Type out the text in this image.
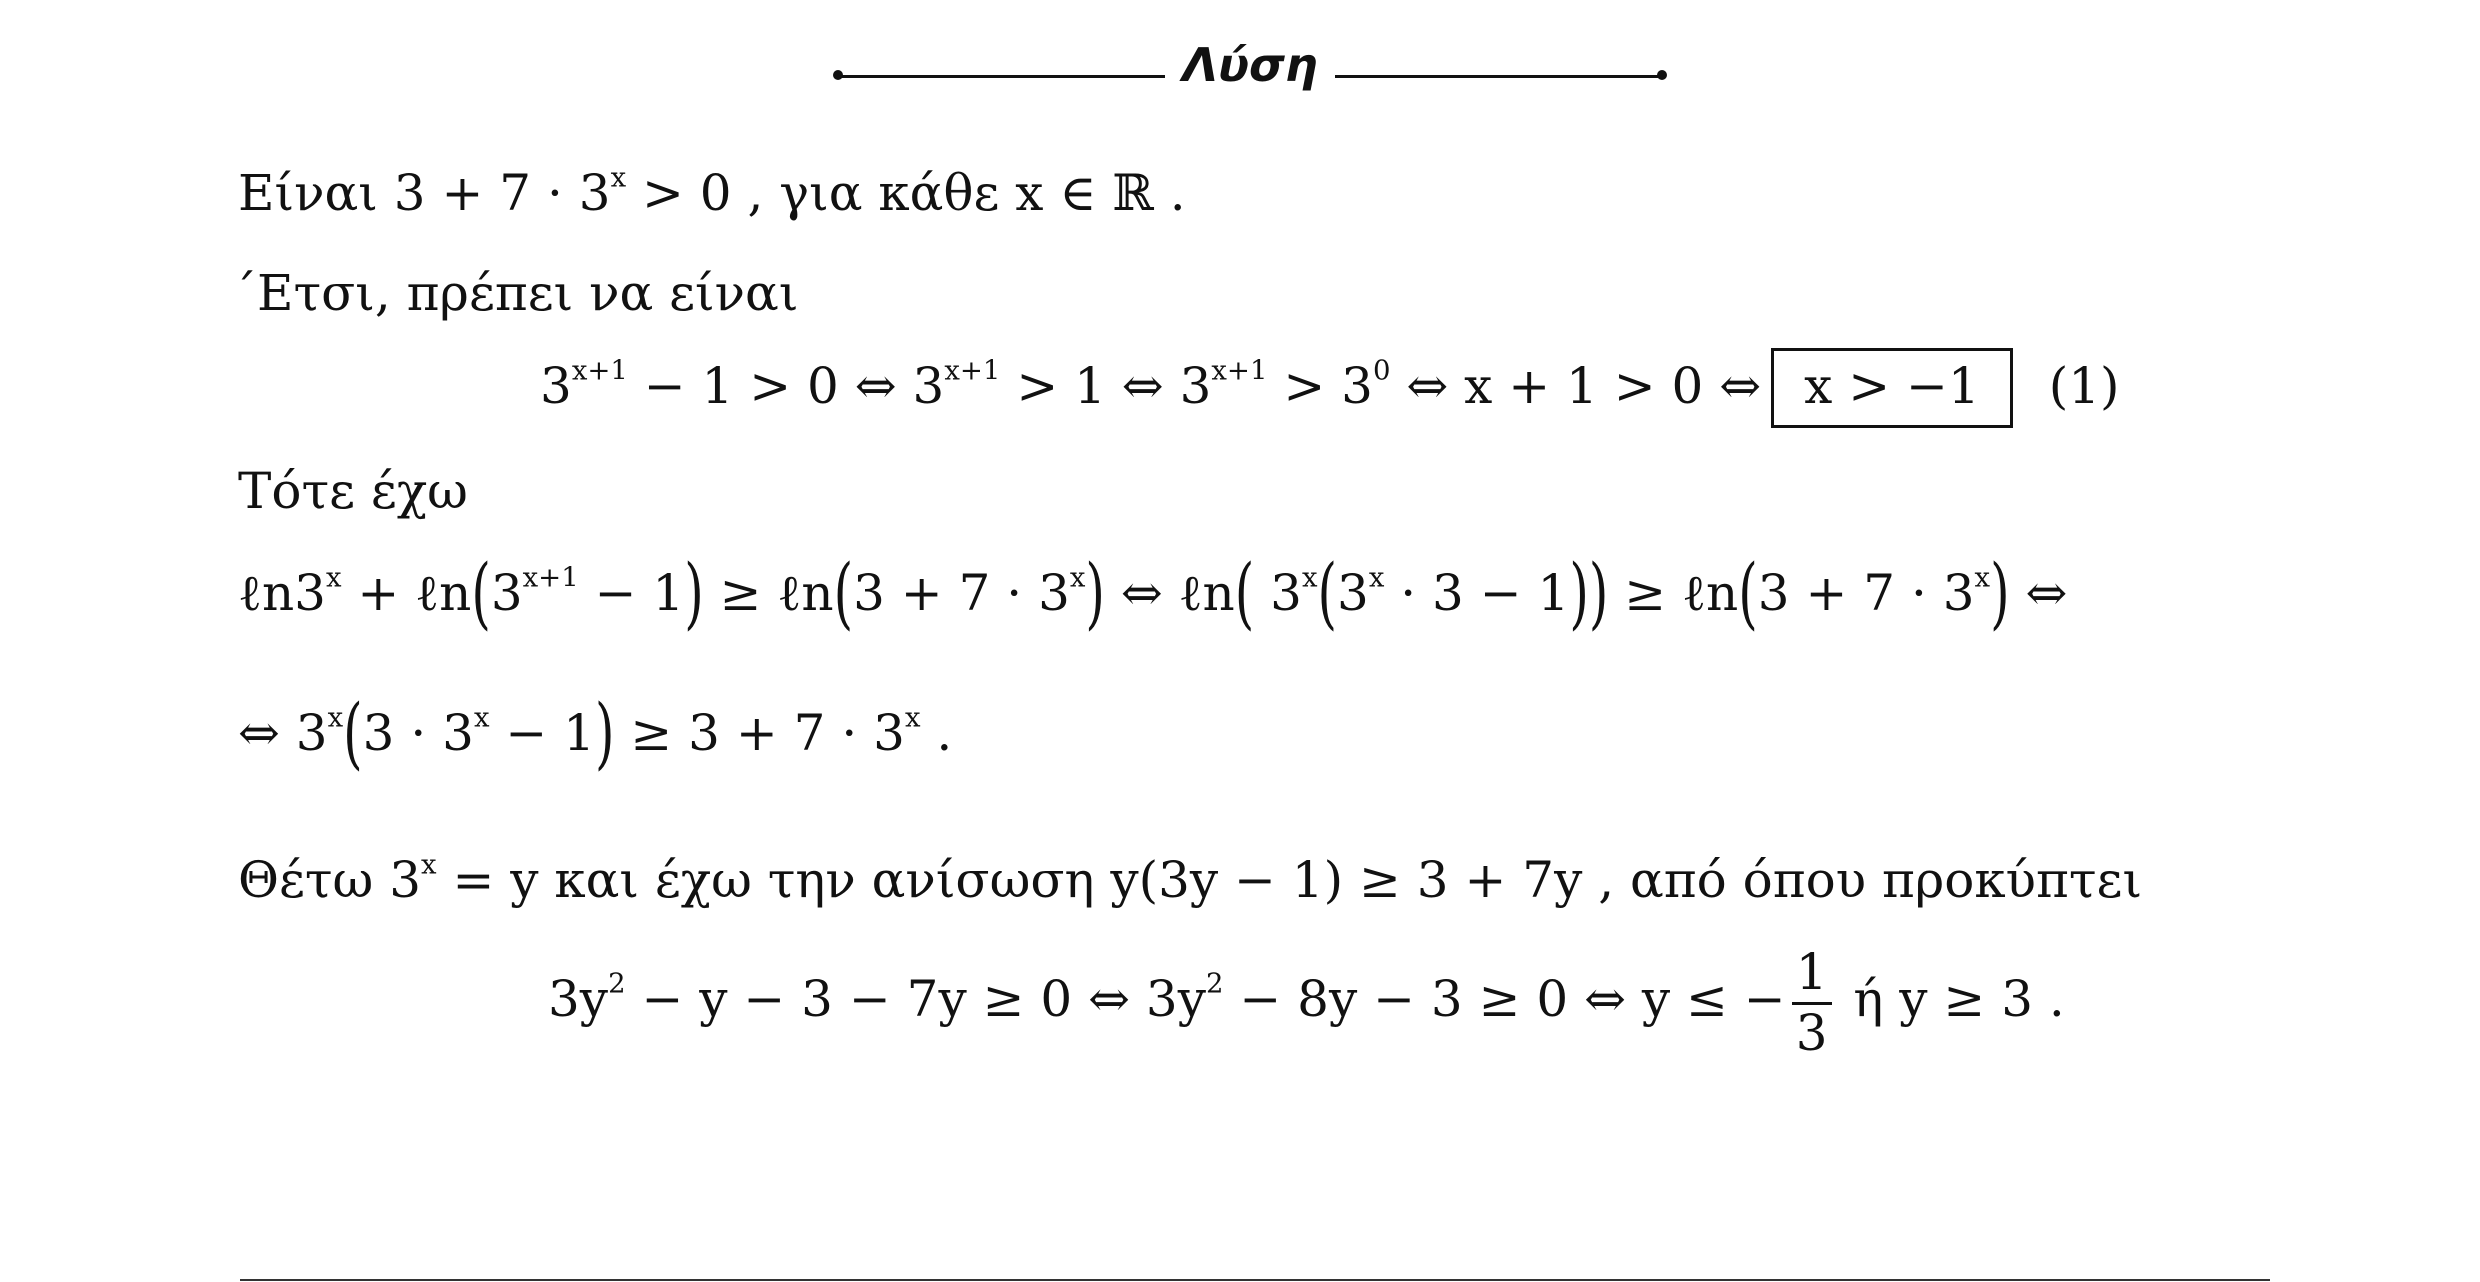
Λύση
Είναι $3 + 7 \cdot 3^x > 0$ , για κάθε x ∈ ℝ .
΄Ετσι, πρέπει να είναι
$3^{x+1} - 1 > 0$ ⇔ $3^{x+1} > 1$ ⇔ $3^{x+1} > 3^0$ ⇔ x + 1 > 0 ⇔ x > −1 (1)
Τότε έχω
$\ell n3^x$ + $\ell n(3^{x+1} - 1)$ ≥ ℓn(3 + $7 \cdot 3^x$) ⇔ ℓn( $3^x(3^x \cdot 3 - 1)$) ≥ ℓn(3 + $7 \cdot 3^x$) ⇔
⇔ $3^x(3 \cdot 3^x - 1) \ge 3 + 7 \cdot 3^x$ .
Θέτω $3^x = y$ και έχω την ανίσωση y(3y − 1) ≥ 3 + 7y , από όπου προκύπτει
$3y^2 - y - 3 - 7y \ge 0$ ⇔ $3y^2 - 8y - 3 \ge 0$ ⇔ y ≤ − $\frac{1}{3}$ ή y ≥ 3 .
